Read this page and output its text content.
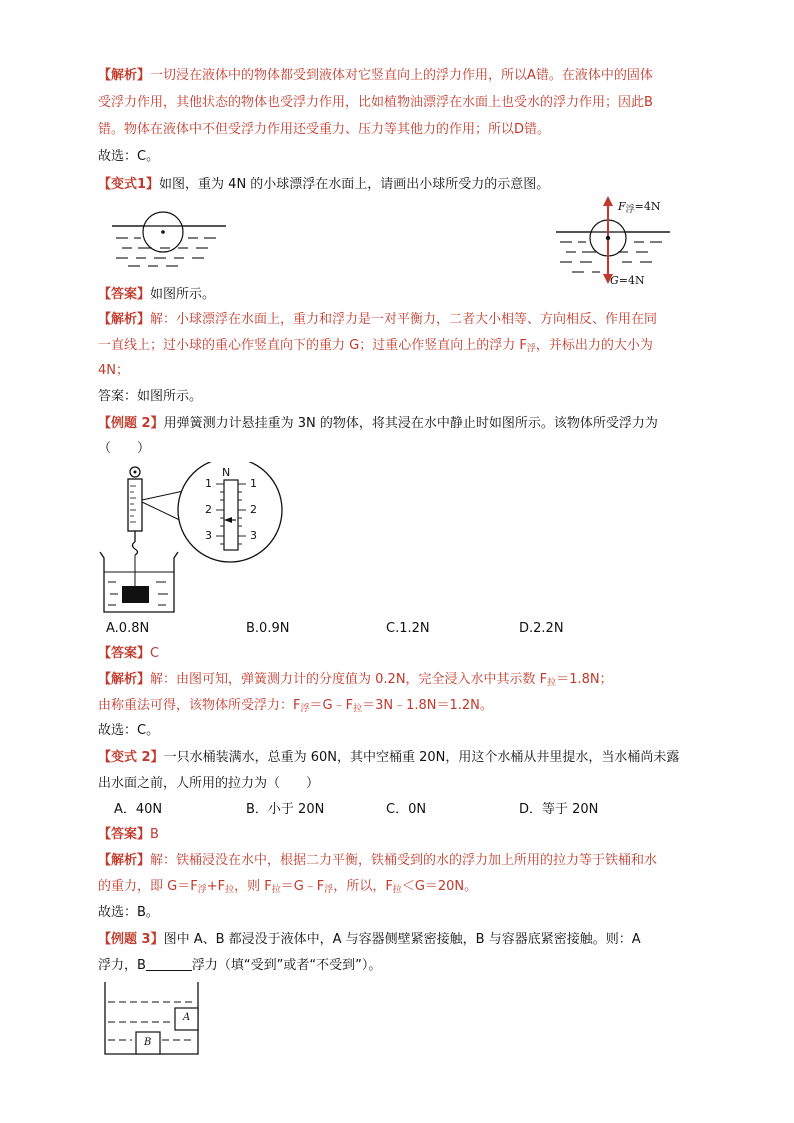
【解析】一切浸在液体中的物体都受到液体对它竖直向上的浮力作用，所以A错。在液体中的固体
受浮力作用，其他状态的物体也受浮力作用，比如植物油漂浮在水面上也受水的浮力作用；因此B
错。物体在液体中不但受浮力作用还受重力、压力等其他力的作用；所以D错。
故选：C。
【变式1】如图，重为 4N 的小球漂浮在水面上，请画出小球所受力的示意图。
$F_浮=4N$
G=4N
【答案】如图所示。
【解析】解：小球漂浮在水面上，重力和浮力是一对平衡力，二者大小相等、方向相反、作用在同
一直线上；过小球的重心作竖直向下的重力 G；过重心作竖直向上的浮力 $F_浮$，并标出力的大小为
4N；
答案：如图所示。
【例题 2】用弹簧测力计悬挂重为 3N 的物体，将其浸在水中静止时如图所示。该物体所受浮力为
（　　）
N
1	1
2	2
3	3
A.0.8N	B.0.9N	C.1.2N	D.2.2N
【答案】C
【解析】解：由图可知，弹簧测力计的分度值为 0.2N，完全浸入水中其示数 $F_拉=1.8N$；
由称重法可得，该物体所受浮力：$F_浮=G﹣F_拉=3N﹣1.8N=1.2N$。
故选：C。
【变式 2】一只水桶装满水，总重为 60N，其中空桶重 20N，用这个水桶从井里提水，当水桶尚未露
出水面之前，人所用的拉力为（　　）
A．40N	B．小于 20N	C．0N	D．等于 20N
【答案】B
【解析】解：铁桶浸没在水中，根据二力平衡，铁桶受到的水的浮力加上所用的拉力等于铁桶和水
的重力，即 $G=F_浮+F_拉$，则 $F_拉=G﹣F_浮$，所以，$F_拉<G=20N$。
故选：B。
【例题 3】图中 A、B 都浸没于液体中，A 与容器侧壁紧密接触，B 与容器底紧密接触。则：A
浮力，B	浮力（填“受到”或者“不受到”）。
A
B
